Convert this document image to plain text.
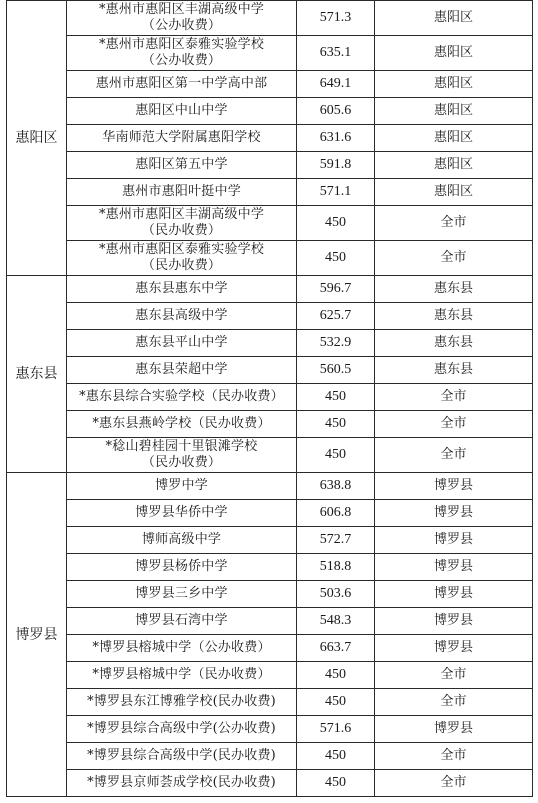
惠阳区	*惠州市惠阳区丰湖高级中学
（公办收费）	571.3	惠阳区

	*惠州市惠阳区泰雅实验学校
（公办收费）	635.1	惠阳区

	惠州市惠阳区第一中学高中部	649.1	惠阳区

	惠阳区中山中学	605.6	惠阳区

	华南师范大学附属惠阳学校	631.6	惠阳区

	惠阳区第五中学	591.8	惠阳区

	惠州市惠阳叶挺中学	571.1	惠阳区

	*惠州市惠阳区丰湖高级中学
（民办收费）	450	全市

	*惠州市惠阳区泰雅实验学校
（民办收费）	450	全市
惠东县	惠东县惠东中学	596.7	惠东县

	惠东县高级中学	625.7	惠东县

	惠东县平山中学	532.9	惠东县

	惠东县荣超中学	560.5	惠东县

	*惠东县综合实验学校（民办收费）	450	全市

	*惠东县燕岭学校（民办收费）	450	全市

	*稔山碧桂园十里银滩学校
（民办收费）	450	全市
博罗县	博罗中学	638.8	博罗县

	博罗县华侨中学	606.8	博罗县

	博师高级中学	572.7	博罗县

	博罗县杨侨中学	518.8	博罗县

	博罗县三乡中学	503.6	博罗县

	博罗县石湾中学	548.3	博罗县

	*博罗县榕城中学（公办收费）	663.7	博罗县

	*博罗县榕城中学（民办收费）	450	全市

	*博罗县东江博雅学校(民办收费)	450	全市

	*博罗县综合高级中学(公办收费)	571.6	博罗县

	*博罗县综合高级中学(民办收费)	450	全市

	*博罗县京师荟成学校(民办收费)	450	全市
